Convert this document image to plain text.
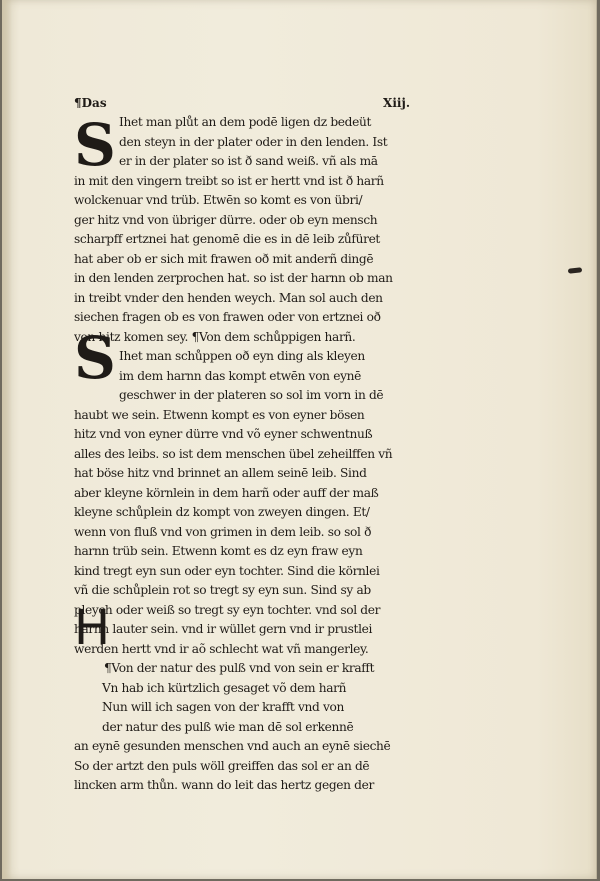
¶Das	Xiij.
S
S
H
Ihet man plůt an dem podē ligen dz bedeüt
den steyn in der plater oder in den lenden. Ist
er in der plater so ist ð sand weiß. vñ als mā
in mit den vingern treibt so ist er hertt vnd ist ð harñ
wolckenuar vnd trüb. Etwēn so komt es von übri/
ger hitz vnd von übriger dürre. oder ob eyn mensch
scharpff ertznei hat genomē die es in dē leib zůfüret
hat aber ob er sich mit frawen oð mit anderñ dingē
in den lenden zerprochen hat. so ist der harnn ob man
in treibt vnder den henden weych. Man sol auch den
siechen fragen ob es von frawen oder von ertznei oð
von hitz komen sey. ¶Von dem schůppigen harñ.
Ihet man schůppen oð eyn ding als kleyen
im dem harnn das kompt etwēn von eynē
geschwer in der plateren so sol im vorn in dē
haubt we sein. Etwenn kompt es von eyner bösen
hitz vnd von eyner dürre vnd võ eyner schwentnuß
alles des leibs. so ist dem menschen übel zeheilffen vñ
hat böse hitz vnd brinnet an allem seinē leib. Sind
aber kleyne körnlein in dem harñ oder auff der maß
kleyne schůplein dz kompt von zweyen dingen. Et/
wenn von fluß vnd von grimen in dem leib. so sol ð
harnn trüb sein. Etwenn komt es dz eyn fraw eyn
kind tregt eyn sun oder eyn tochter. Sind die körnlei
vñ die schůplein rot so tregt sy eyn sun. Sind sy ab
pleych oder weiß so tregt sy eyn tochter. vnd sol der
harnn lauter sein. vnd ir wüllet gern vnd ir prustlei
werden hertt vnd ir aõ schlecht wat vñ mangerley.
¶Von der natur des pulß vnd von sein er krafft
Vn hab ich kürtzlich gesaget võ dem harñ
Nun will ich sagen von der krafft vnd von
der natur des pulß wie man dē sol erkennē
an eynē gesunden menschen vnd auch an eynē siechē
So der artzt den puls wöll greiffen das sol er an dē
lincken arm thůn. wann do leit das hertz gegen der
